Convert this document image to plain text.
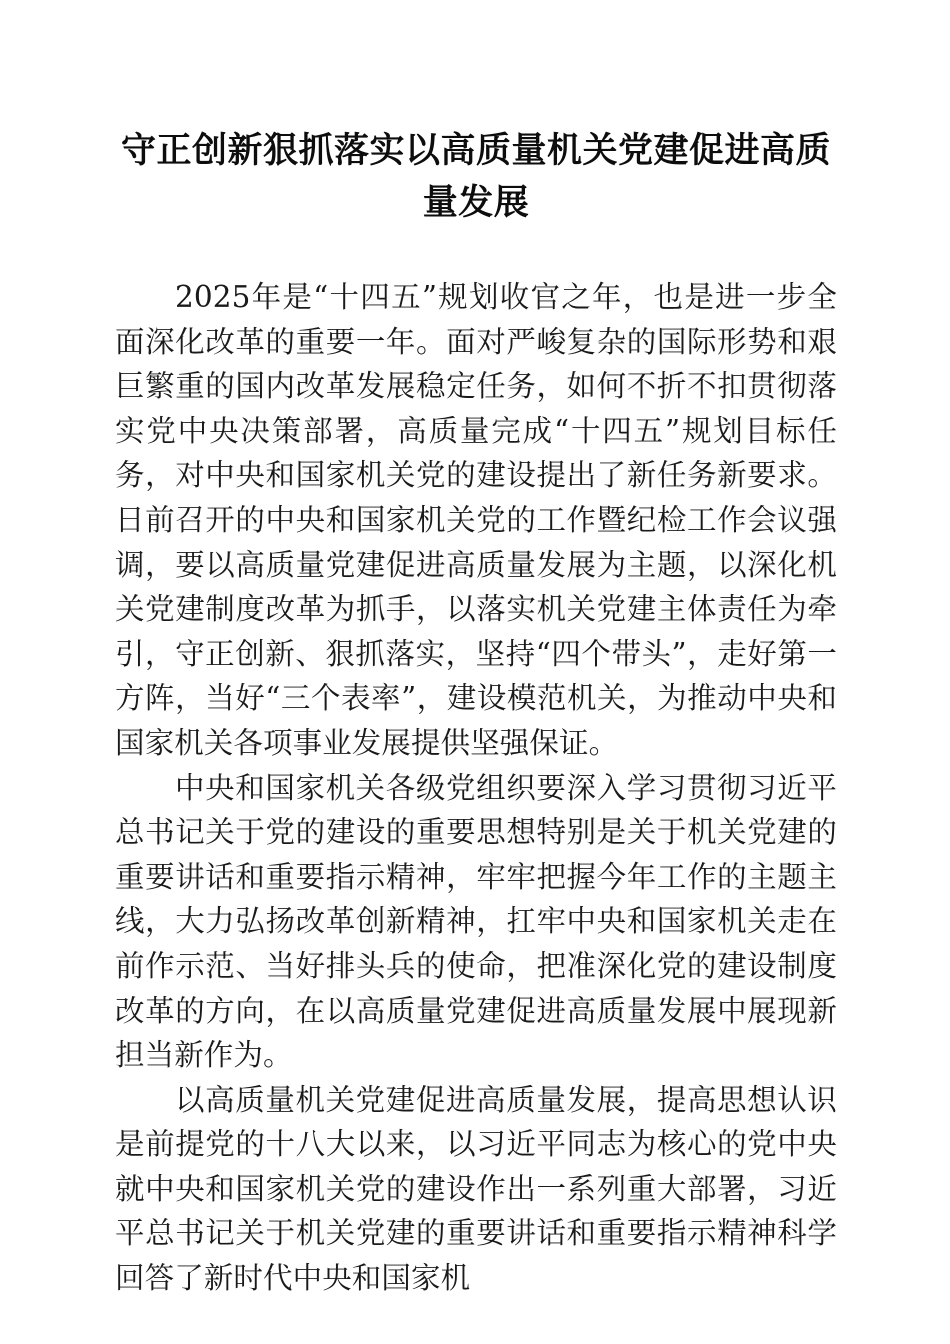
守正创新狠抓落实以高质量机关党建促进高质量发展

2025年是“十四五”规划收官之年，也是进一步全面深化改革的重要一年。面对严峻复杂的国际形势和艰巨繁重的国内改革发展稳定任务，如何不折不扣贯彻落实党中央决策部署，高质量完成“十四五”规划目标任务，对中央和国家机关党的建设提出了新任务新要求。日前召开的中央和国家机关党的工作暨纪检工作会议强调，要以高质量党建促进高质量发展为主题，以深化机关党建制度改革为抓手，以落实机关党建主体责任为牵引，守正创新、狠抓落实，坚持“四个带头”，走好第一方阵，当好“三个表率”，建设模范机关，为推动中央和国家机关各项事业发展提供坚强保证。

中央和国家机关各级党组织要深入学习贯彻习近平总书记关于党的建设的重要思想特别是关于机关党建的重要讲话和重要指示精神，牢牢把握今年工作的主题主线，大力弘扬改革创新精神，扛牢中央和国家机关走在前作示范、当好排头兵的使命，把准深化党的建设制度改革的方向，在以高质量党建促进高质量发展中展现新担当新作为。

以高质量机关党建促进高质量发展，提高思想认识是前提党的十八大以来，以习近平同志为核心的党中央就中央和国家机关党的建设作出一系列重大部署，习近平总书记关于机关党建的重要讲话和重要指示精神科学回答了新时代中央和国家机
